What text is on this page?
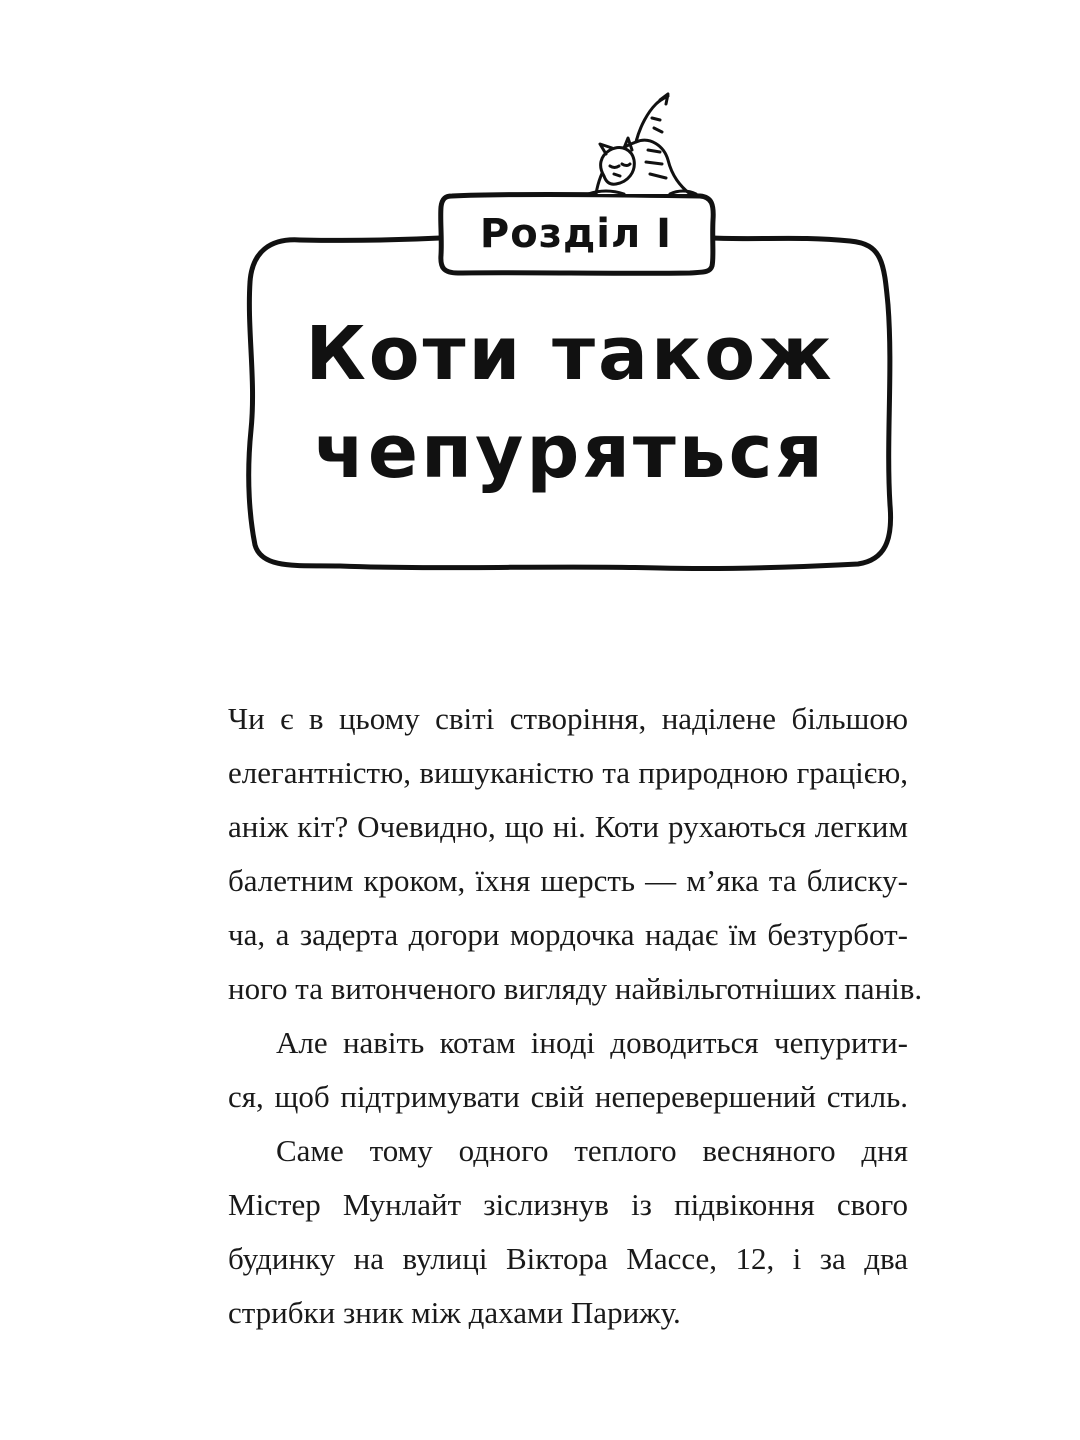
Розділ I
Коти також
чепуряться
Чи є в цьому світі створіння, наділене більшою
елегантністю, вишуканістю та природною грацією,
аніж кіт? Очевидно, що ні. Коти рухаються легким
балетним кроком, їхня шерсть — м’яка та блиску-
ча, а задерта догори мордочка надає їм безтурбот-
ного та витонченого вигляду найвільготніших панів.
Але навіть котам іноді доводиться чепурити-
ся, щоб підтримувати свій неперевершений стиль.
Саме тому одного теплого весняного дня
Містер Мунлайт зіслизнув із підвіконня свого
будинку на вулиці Віктора Массе, 12, і за два
стрибки зник між дахами Парижу.
